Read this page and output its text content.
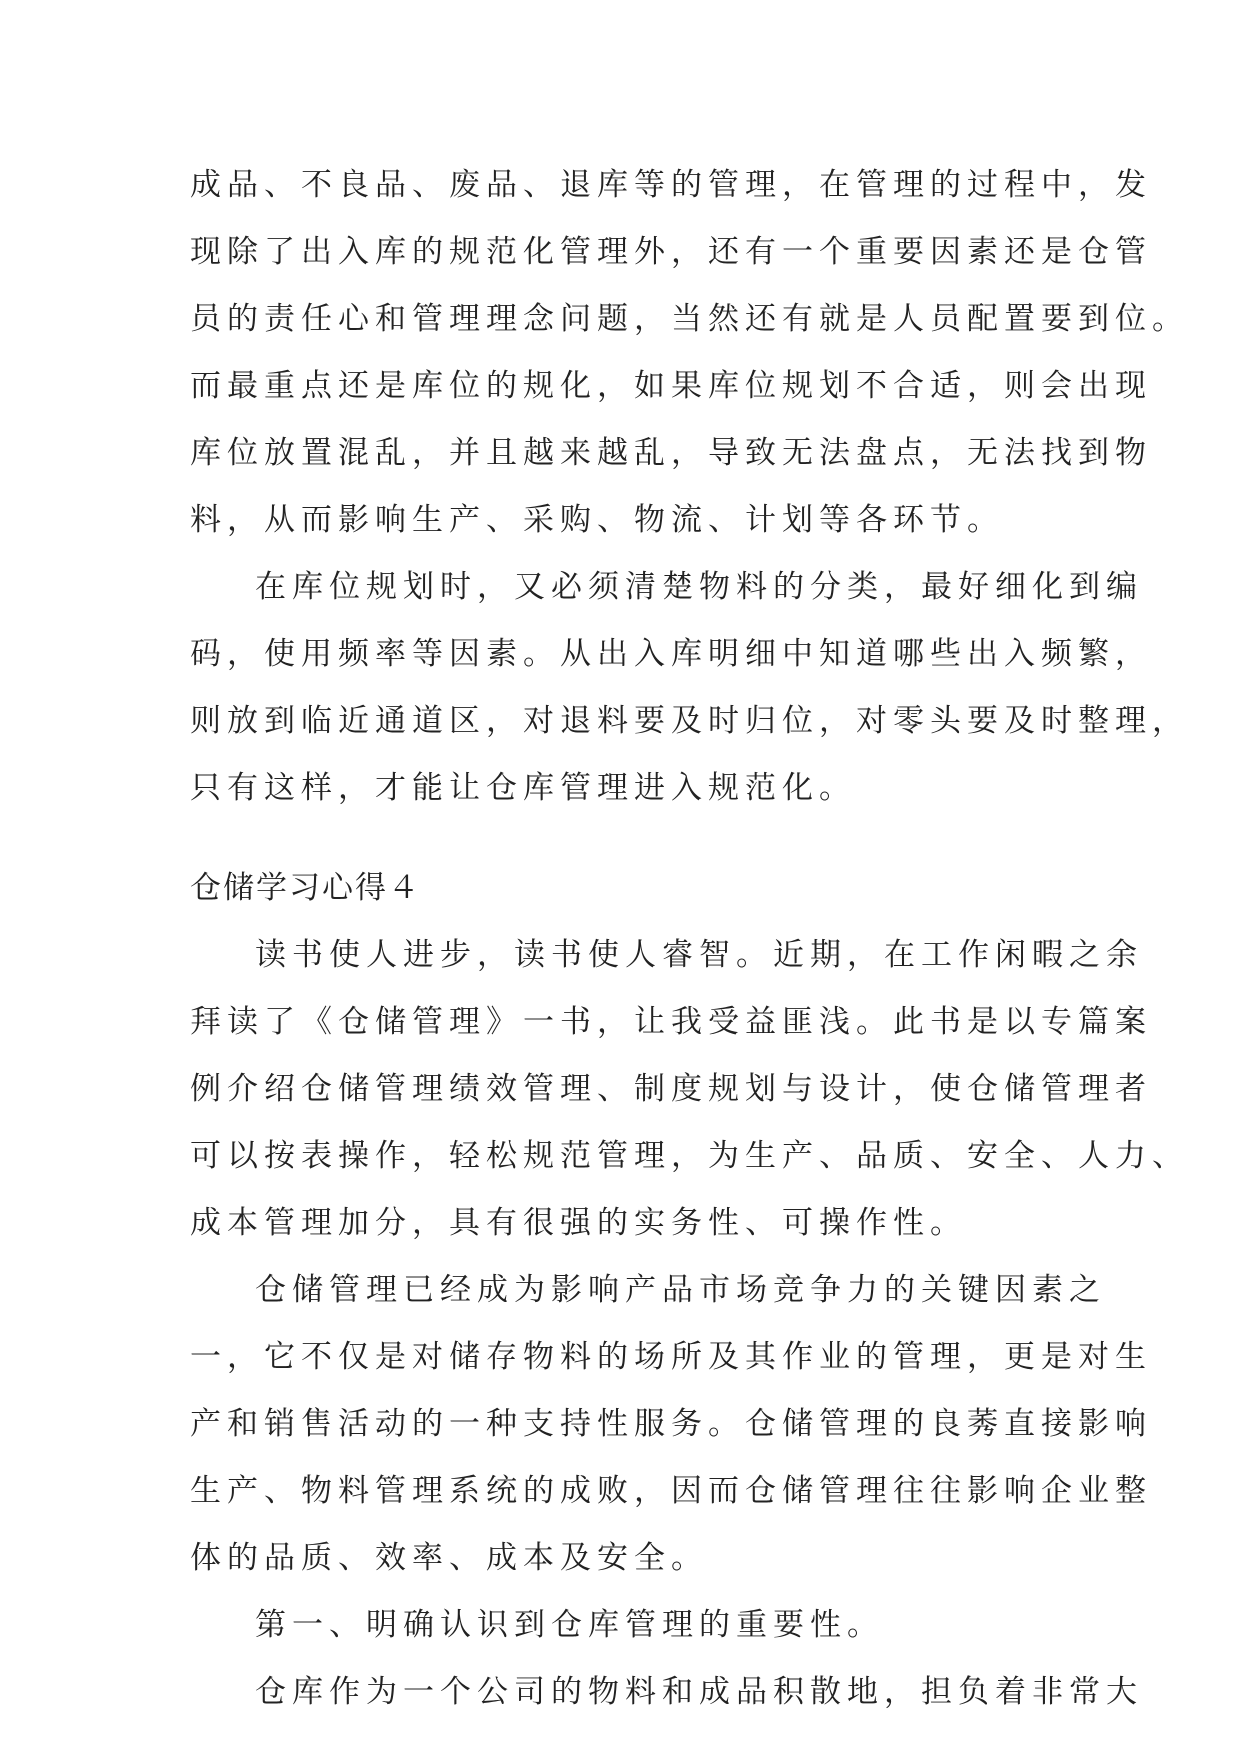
成品、不良品、废品、退库等的管理，在管理的过程中，发
现除了出入库的规范化管理外，还有一个重要因素还是仓管
员的责任心和管理理念问题，当然还有就是人员配置要到位。
而最重点还是库位的规化，如果库位规划不合适，则会出现
库位放置混乱，并且越来越乱，导致无法盘点，无法找到物
料，从而影响生产、采购、物流、计划等各环节。
在库位规划时，又必须清楚物料的分类，最好细化到编
码，使用频率等因素。从出入库明细中知道哪些出入频繁，
则放到临近通道区，对退料要及时归位，对零头要及时整理，
只有这样，才能让仓库管理进入规范化。
仓储学习心得４
读书使人进步，读书使人睿智。近期，在工作闲暇之余
拜读了《仓储管理》一书，让我受益匪浅。此书是以专篇案
例介绍仓储管理绩效管理、制度规划与设计，使仓储管理者
可以按表操作，轻松规范管理，为生产、品质、安全、人力、
成本管理加分，具有很强的实务性、可操作性。
仓储管理已经成为影响产品市场竞争力的关键因素之
一，它不仅是对储存物料的场所及其作业的管理，更是对生
产和销售活动的一种支持性服务。仓储管理的良莠直接影响
生产、物料管理系统的成败，因而仓储管理往往影响企业整
体的品质、效率、成本及安全。
第一、明确认识到仓库管理的重要性。
仓库作为一个公司的物料和成品积散地，担负着非常大
